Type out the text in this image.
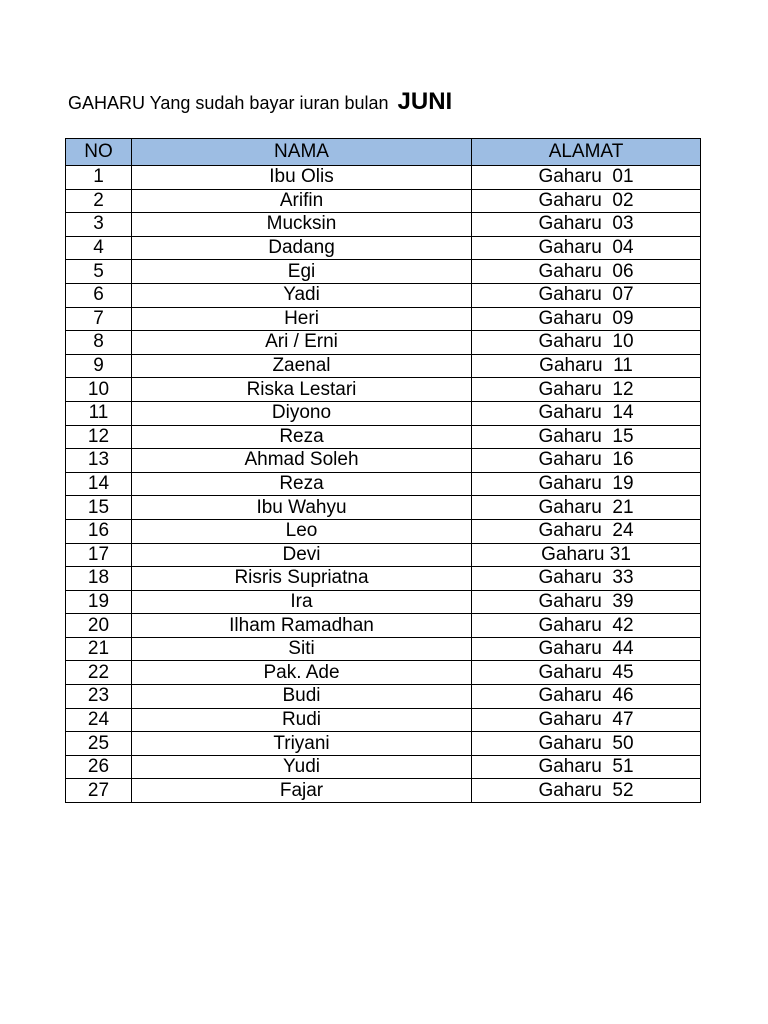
GAHARU Yang sudah bayar iuran bulan JUNI
NO	NAMA	ALAMAT
1	Ibu Olis	Gaharu  01
2	Arifin	Gaharu  02
3	Mucksin	Gaharu  03
4	Dadang	Gaharu  04
5	Egi	Gaharu  06
6	Yadi	Gaharu  07
7	Heri	Gaharu  09
8	Ari / Erni	Gaharu  10
9	Zaenal	Gaharu  11
10	Riska Lestari	Gaharu  12
11	Diyono	Gaharu  14
12	Reza	Gaharu  15
13	Ahmad Soleh	Gaharu  16
14	Reza	Gaharu  19
15	Ibu Wahyu	Gaharu  21
16	Leo	Gaharu  24
17	Devi	Gaharu 31
18	Risris Supriatna	Gaharu  33
19	Ira	Gaharu  39
20	Ilham Ramadhan	Gaharu  42
21	Siti	Gaharu  44
22	Pak. Ade	Gaharu  45
23	Budi	Gaharu  46
24	Rudi	Gaharu  47
25	Triyani	Gaharu  50
26	Yudi	Gaharu  51
27	Fajar	Gaharu  52
